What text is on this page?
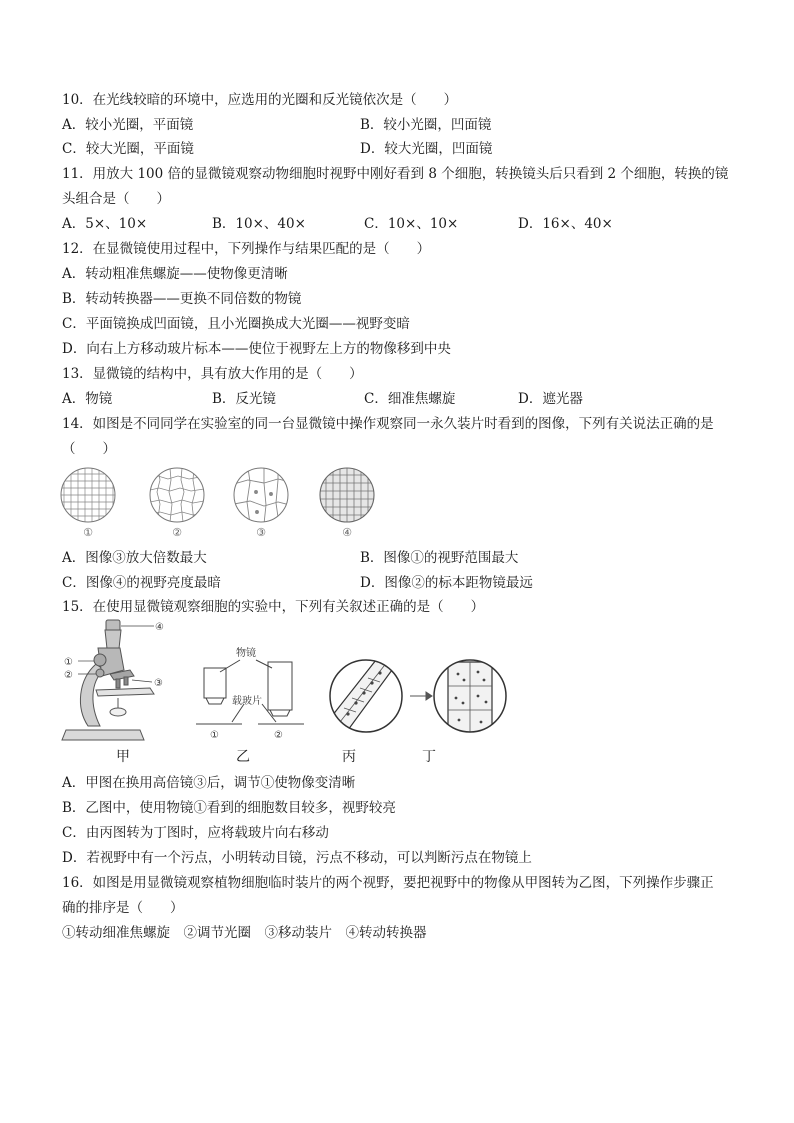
10．在光线较暗的环境中，应选用的光圈和反光镜依次是（　　）
A．较小光圈，平面镜	B．较小光圈，凹面镜
C．较大光圈，平面镜	D．较大光圈，凹面镜
11．用放大 100 倍的显微镜观察动物细胞时视野中刚好看到 8 个细胞，转换镜头后只看到 2 个细胞，转换的镜
头组合是（　　）
A．5×、10×	B．10×、40×	C．10×、10×	D．16×、40×
12．在显微镜使用过程中，下列操作与结果匹配的是（　　）
A．转动粗准焦螺旋——使物像更清晰
B．转动转换器——更换不同倍数的物镜
C．平面镜换成凹面镜，且小光圈换成大光圈——视野变暗
D．向右上方移动玻片标本——使位于视野左上方的物像移到中央
13．显微镜的结构中，具有放大作用的是（　　）
A．物镜	B．反光镜	C．细准焦螺旋	D．遮光器
14．如图是不同同学在实验室的同一台显微镜中操作观察同一永久装片时看到的图像，下列有关说法正确的是
（　　）
①	②	③	④
A．图像③放大倍数最大	B．图像①的视野范围最大
C．图像④的视野亮度最暗	D．图像②的标本距物镜最远
15．在使用显微镜观察细胞的实验中，下列有关叙述正确的是（　　）
④
①
②
③
物镜
载玻片
①	②
甲	乙	丙	丁
A．甲图在换用高倍镜③后，调节①使物像变清晰
B．乙图中，使用物镜①看到的细胞数目较多，视野较亮
C．由丙图转为丁图时，应将载玻片向右移动
D．若视野中有一个污点，小明转动目镜，污点不移动，可以判断污点在物镜上
16．如图是用显微镜观察植物细胞临时装片的两个视野，要把视野中的物像从甲图转为乙图，下列操作步骤正
确的排序是（　　）
①转动细准焦螺旋　②调节光圈　③移动装片　④转动转换器
